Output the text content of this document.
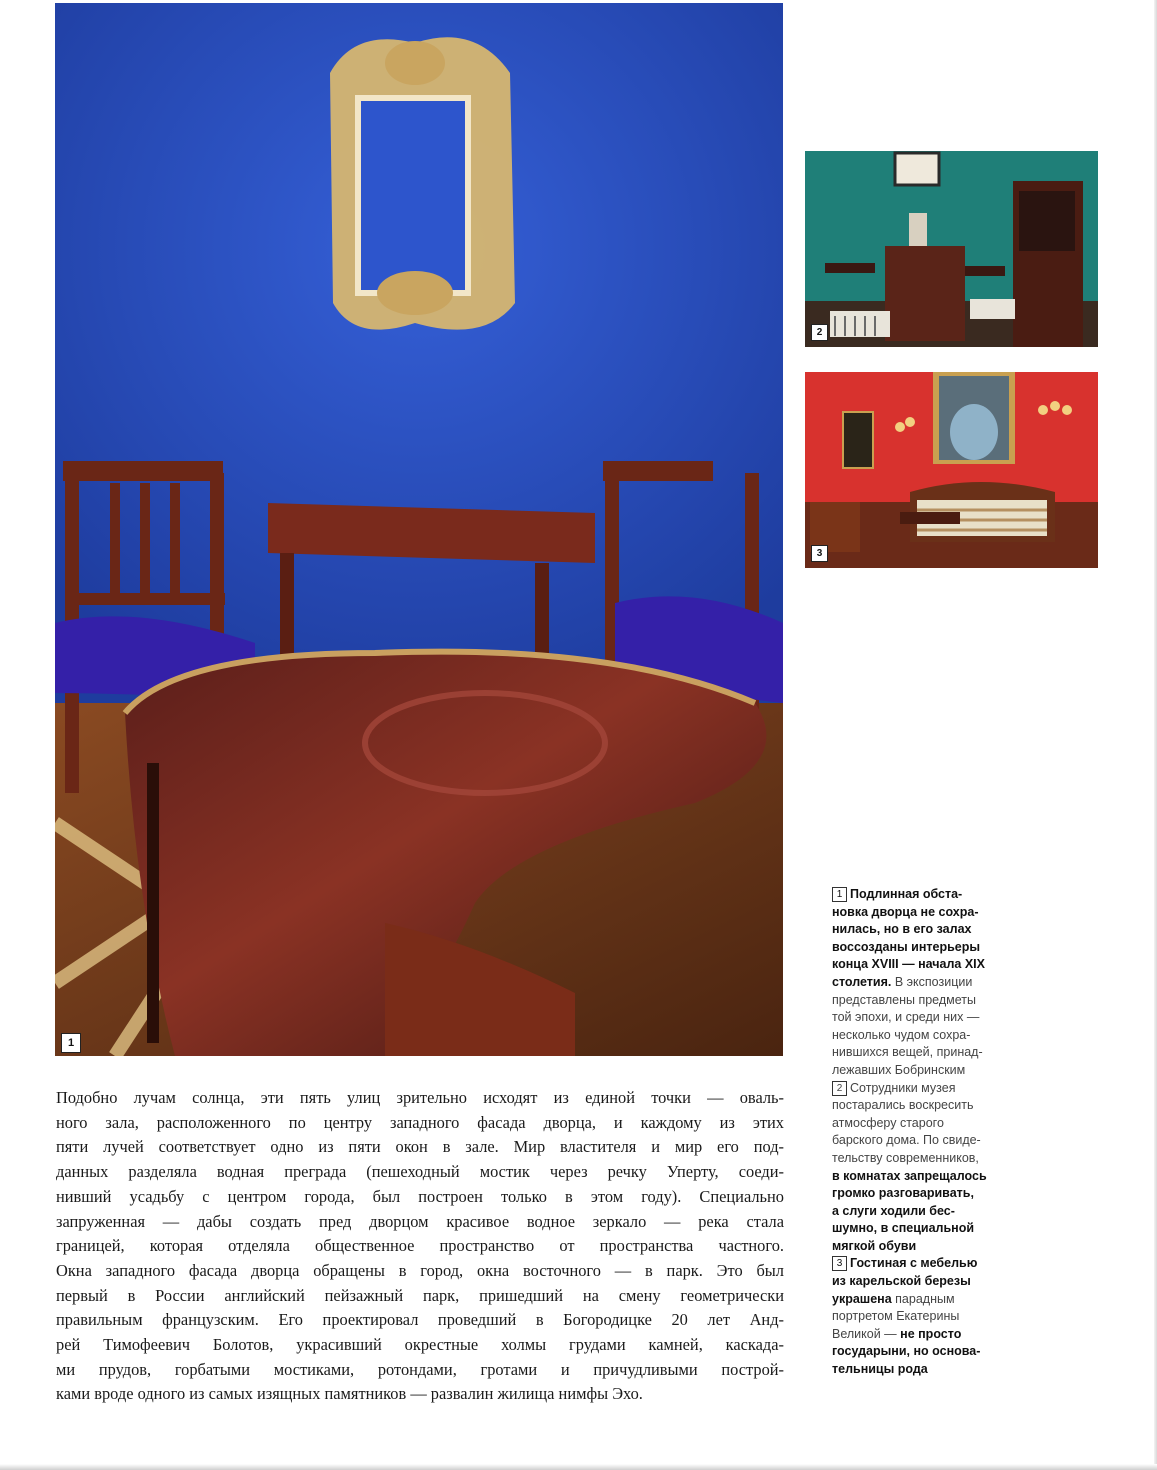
1
2
3
Подобно лучам солнца, эти пять улиц зрительно исходят из единой точки — оваль-
ного зала, расположенного по центру западного фасада дворца, и каждому из этих
пяти лучей соответствует одно из пяти окон в зале. Мир властителя и мир его под-
данных разделяла водная преграда (пешеходный мостик через речку Уперту, соеди-
нивший усадьбу с центром города, был построен только в этом году). Специально
запруженная — дабы создать пред дворцом красивое водное зеркало — река стала
границей, которая отделяла общественное пространство от пространства частного.
Окна западного фасада дворца обращены в город, окна восточного — в парк. Это был
первый в России английский пейзажный парк, пришедший на смену геометрически
правильным французским. Его проектировал проведший в Богородицке 20 лет Анд-
рей Тимофеевич Болотов, украсивший окрестные холмы грудами камней, каскада-
ми прудов, горбатыми мостиками, ротондами, гротами и причудливыми построй-
ками вроде одного из самых изящных памятников — развалин жилища нимфы Эхо.
1 Подлинная обста-
новка дворца не сохра-
нилась, но в его залах
воссозданы интерьеры
конца XVIII — начала XIX
столетия. В экспозиции
представлены предметы
той эпохи, и среди них —
несколько чудом сохра-
нившихся вещей, принад-
лежавших Бобринским
2 Сотрудники музея
постарались воскресить
атмосферу старого
барского дома. По свиде-
тельству современников,
в комнатах запрещалось
громко разговаривать,
а слуги ходили бес-
шумно, в специальной
мягкой обуви
3 Гостиная с мебелью
из карельской березы
украшена парадным
портретом Екатерины
Великой — не просто
государыни, но основа-
тельницы рода
